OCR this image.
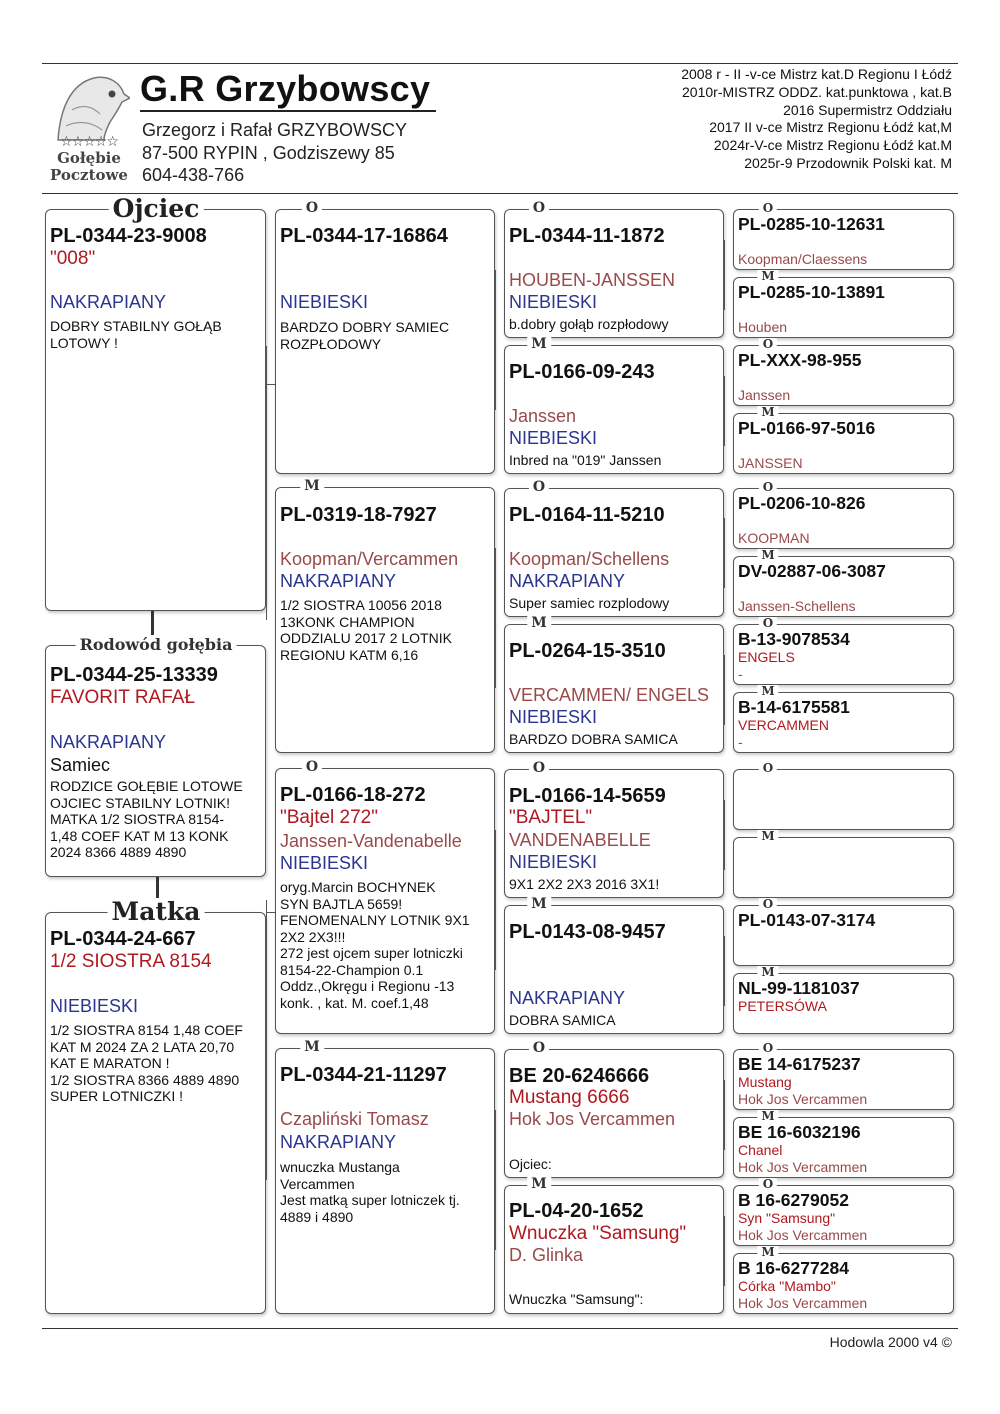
☆☆☆☆☆
Gołębie
Pocztowe
G.R Grzybowscy
Grzegorz i Rafał GRZYBOWSCY
87-500 RYPIN , Godziszewy 85
604-438-766
2008 r - II -v-ce Mistrz kat.D Regionu I Łódź
2010r-MISTRZ ODDZ. kat.punktowa , kat.B
2016 Supermistrz Oddziału
2017 II v-ce Mistrz Regionu Łódź kat,M
2024r-V-ce Mistrz Regionu Łódź kat.M
2025r-9 Przodownik Polski kat. M
Ojciec
PL-0344-23-9008
"008"
NAKRAPIANY
DOBRY STABILNY GOŁĄB
LOTOWY !
Rodowód gołębia
PL-0344-25-13339
FAVORIT RAFAŁ
NAKRAPIANY
Samiec
RODZICE GOŁĘBIE LOTOWE
OJCIEC STABILNY LOTNIK!
MATKA 1/2 SIOSTRA 8154-
1,48 COEF KAT M 13 KONK
2024 8366 4889 4890
Matka
PL-0344-24-667
1/2 SIOSTRA 8154
NIEBIESKI
1/2 SIOSTRA 8154 1,48 COEF
KAT M 2024 ZA 2 LATA 20,70
KAT E MARATON !
1/2 SIOSTRA 8366 4889 4890
SUPER LOTNICZKI !
O
PL-0344-17-16864
NIEBIESKI
BARDZO DOBRY SAMIEC
ROZPŁODOWY
M
PL-0319-18-7927
Koopman/Vercammen
NAKRAPIANY
1/2 SIOSTRA 10056 2018
13KONK CHAMPION
ODDZIALU 2017 2 LOTNIK
REGIONU KATM 6,16
O
PL-0166-18-272
"Bajtel 272"
Janssen-Vandenabelle
NIEBIESKI
oryg.Marcin BOCHYNEK
SYN BAJTLA 5659!
FENOMENALNY LOTNIK 9X1
2X2 2X3!!!
272 jest ojcem super lotniczki
8154-22-Champion 0.1
Oddz.,Okręgu i Regionu -13
konk. , kat. M. coef.1,48
M
PL-0344-21-11297
Czapliński Tomasz
NAKRAPIANY
wnuczka Mustanga
Vercammen
Jest matką super lotniczek tj.
4889 i 4890
O
PL-0344-11-1872
HOUBEN-JANSSEN
NIEBIESKI
b.dobry gołąb rozpłodowy
M
PL-0166-09-243
Janssen
NIEBIESKI
Inbred na "019" Janssen
O
PL-0164-11-5210
Koopman/Schellens
NAKRAPIANY
Super samiec rozplodowy
M
PL-0264-15-3510
VERCAMMEN/ ENGELS
NIEBIESKI
BARDZO DOBRA SAMICA
O
PL-0166-14-5659
"BAJTEL"
VANDENABELLE
NIEBIESKI
9X1 2X2 2X3 2016 3X1!
M
PL-0143-08-9457
NAKRAPIANY
DOBRA SAMICA
O
BE 20-6246666
Mustang 6666
Hok Jos Vercammen
Ojciec:
M
PL-04-20-1652
Wnuczka "Samsung"
D. Glinka
Wnuczka "Samsung":
O
PL-0285-10-12631
Koopman/Claessens
M
PL-0285-10-13891
Houben
O
PL-XXX-98-955
Janssen
M
PL-0166-97-5016
JANSSEN
O
PL-0206-10-826
KOOPMAN
M
DV-02887-06-3087
Janssen-Schellens
O
B-13-9078534
ENGELS
-
M
B-14-6175581
VERCAMMEN
-
O
M
O
PL-0143-07-3174
M
NL-99-1181037
PETERSÓWA
O
BE 14-6175237
Mustang
Hok Jos Vercammen
M
BE 16-6032196
Chanel
Hok Jos Vercammen
O
B 16-6279052
Syn "Samsung"
Hok Jos Vercammen
M
B 16-6277284
Córka "Mambo"
Hok Jos Vercammen
Hodowla 2000 v4 ©
